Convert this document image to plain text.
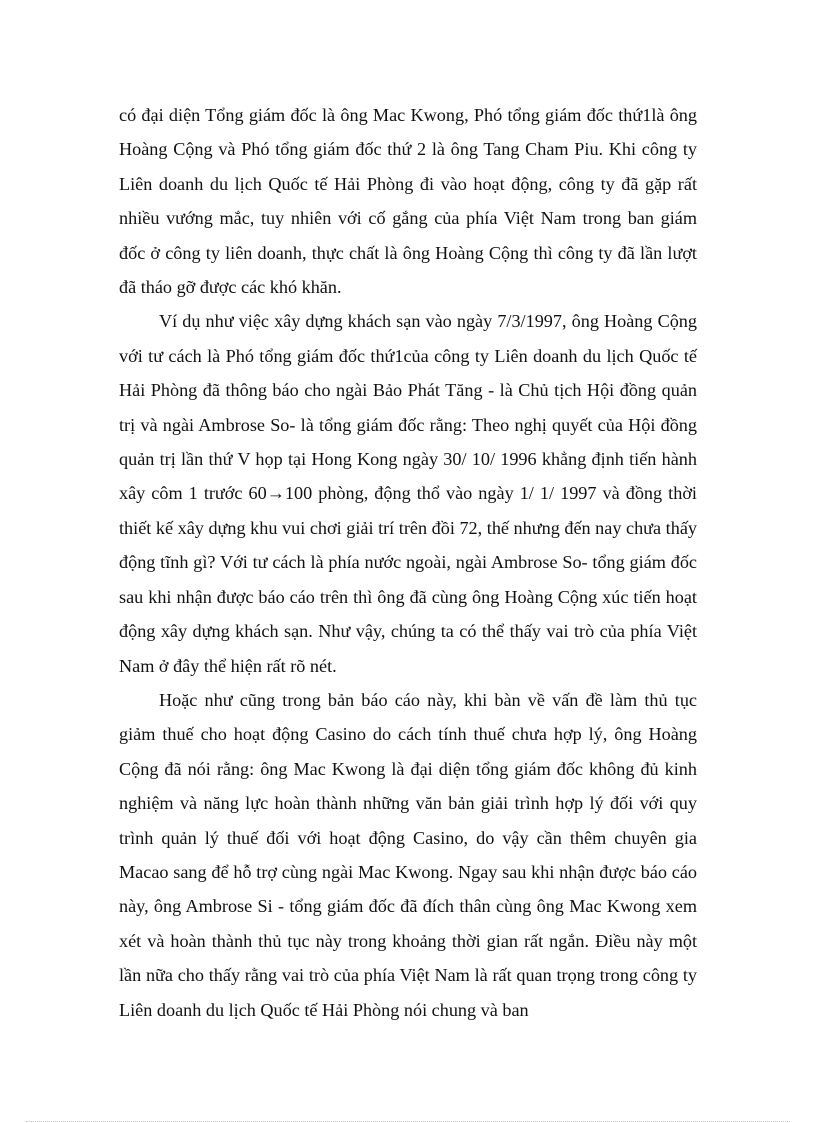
có đại diện Tổng giám đốc là ông Mac Kwong, Phó tổng giám đốc thứ1là ông Hoàng Cộng và Phó tổng giám đốc thứ 2 là ông Tang Cham Piu. Khi công ty Liên doanh du lịch Quốc tế Hải Phòng đi vào hoạt động, công ty đã gặp rất nhiều vướng mắc, tuy nhiên với cố gắng của phía Việt Nam trong ban giám đốc ở công ty liên doanh, thực chất là ông Hoàng Cộng thì công ty đã lần lượt đã tháo gỡ được các khó khăn.

Ví dụ như việc xây dựng khách sạn vào ngày 7/3/1997, ông Hoàng Cộng với tư cách là Phó tổng giám đốc thứ1của công ty Liên doanh du lịch Quốc tế Hải Phòng đã thông báo cho ngài Bảo Phát Tăng - là Chủ tịch Hội đồng quản trị và ngài Ambrose So- là tổng giám đốc rằng: Theo nghị quyết của Hội đồng quản trị lần thứ V họp tại Hong Kong ngày 30/ 10/ 1996 khẳng định tiến hành xây côm 1 trước 60→100 phòng, động thổ vào ngày 1/ 1/ 1997 và đồng thời thiết kế xây dựng khu vui chơi giải trí trên đồi 72, thế nhưng đến nay chưa thấy động tĩnh gì? Với tư cách là phía nước ngoài, ngài Ambrose So- tổng giám đốc sau khi nhận được báo cáo trên thì ông đã cùng ông Hoàng Cộng xúc tiến hoạt động xây dựng khách sạn. Như vậy, chúng ta có thể thấy vai trò của phía Việt Nam ở đây thể hiện rất rõ nét.

Hoặc như cũng trong bản báo cáo này, khi bàn về vấn đề làm thủ tục giảm thuế cho hoạt động Casino do cách tính thuế chưa hợp lý, ông Hoàng Cộng đã nói rằng: ông Mac Kwong là đại diện tổng giám đốc không đủ kinh nghiệm và năng lực hoàn thành những văn bản giải trình hợp lý đối với quy trình quản lý thuế đối với hoạt động Casino, do vậy cần thêm chuyên gia Macao sang để hỗ trợ cùng ngài Mac Kwong. Ngay sau khi nhận được báo cáo này, ông Ambrose Si - tổng giám đốc đã đích thân cùng ông Mac Kwong xem xét và hoàn thành thủ tục này trong khoảng thời gian rất ngắn. Điều này một lần nữa cho thấy rằng vai trò của phía Việt Nam là rất quan trọng trong công ty Liên doanh du lịch Quốc tế Hải Phòng nói chung và ban
